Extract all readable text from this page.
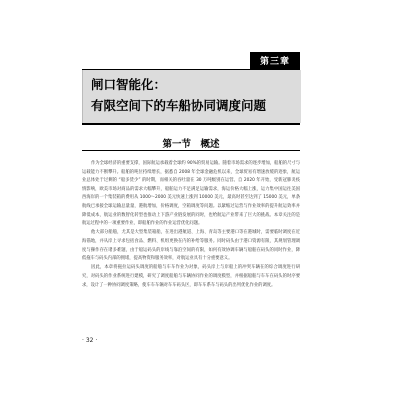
第三章
闸口智能化：
有限空间下的车船协同调度问题
第一节　概述

作为全球经济的重要支撑，国际航运承载着全球约 90%的贸易运输。随着市场需求的逐步增加，船舶的尺寸与运载能力不断攀升。船舶的吨位持续增长，据悉自 2008 年全球金融危机以来，全球贸易有增速放缓的迹象，航运业总体处于过剩的 “船多货少” 的时期，而相关的吞吐量在 30 万吨级别在运营。自 2020 年开始，受新冠肺炎疫情影响，欧美市场对商品的需求大幅攀升，船舶运力不足满足运输需求，海运价格大幅上涨，运力集中国运往美国西海岸的一个集装箱的费用从 1000～2000 美元快速上涨到 10000 美元，最高时甚至达到了 15000 美元，单条航线已承接全球运输总量量，港航增加，价格调度，空箱调度等问题。以紧缩过运营与作业效率的提升航运效率并降低成本，航运业的数智化转型也推动上下游产业链发展的同时，也给航运产业带来了巨大的挑战。本章关注的是航运过程中的一项重要作业，即船舶作业的作业运营优化问题。

他大部分船舶，尤其是大型集装箱船，在进出港航道、上海、青岛等主要港口等在港城时，需要临时调度在近海锚地，并从岸上寻求包括食品、燃料、机组更换在内的补给等服务。同时码头由于港口资源有限，其规划管理调度与操作存在诸多难题，由于船运码头的岸线与靠泊空间的有限，如何有效协调车辆与船舶在码头的同时作业，降低拖车与码头内部的拥堵，提高物资和服务效率，对航运业具有十分重要意义。

因此，本章将拖拉运码头调度的船舶与车车作业为对象，码头岸上与岸船上的冲突车辆在的综合调度进行研究，对码头的作业系统进行建模，研究了调度船舶与车辆协同作业的调度模型，并根据船舶与车车在码头的时序要求，设计了一种协同调度策略，使车车车辆对车车码头区，即车车系车与码头的出列优化作业的调度。

· 32 ·
